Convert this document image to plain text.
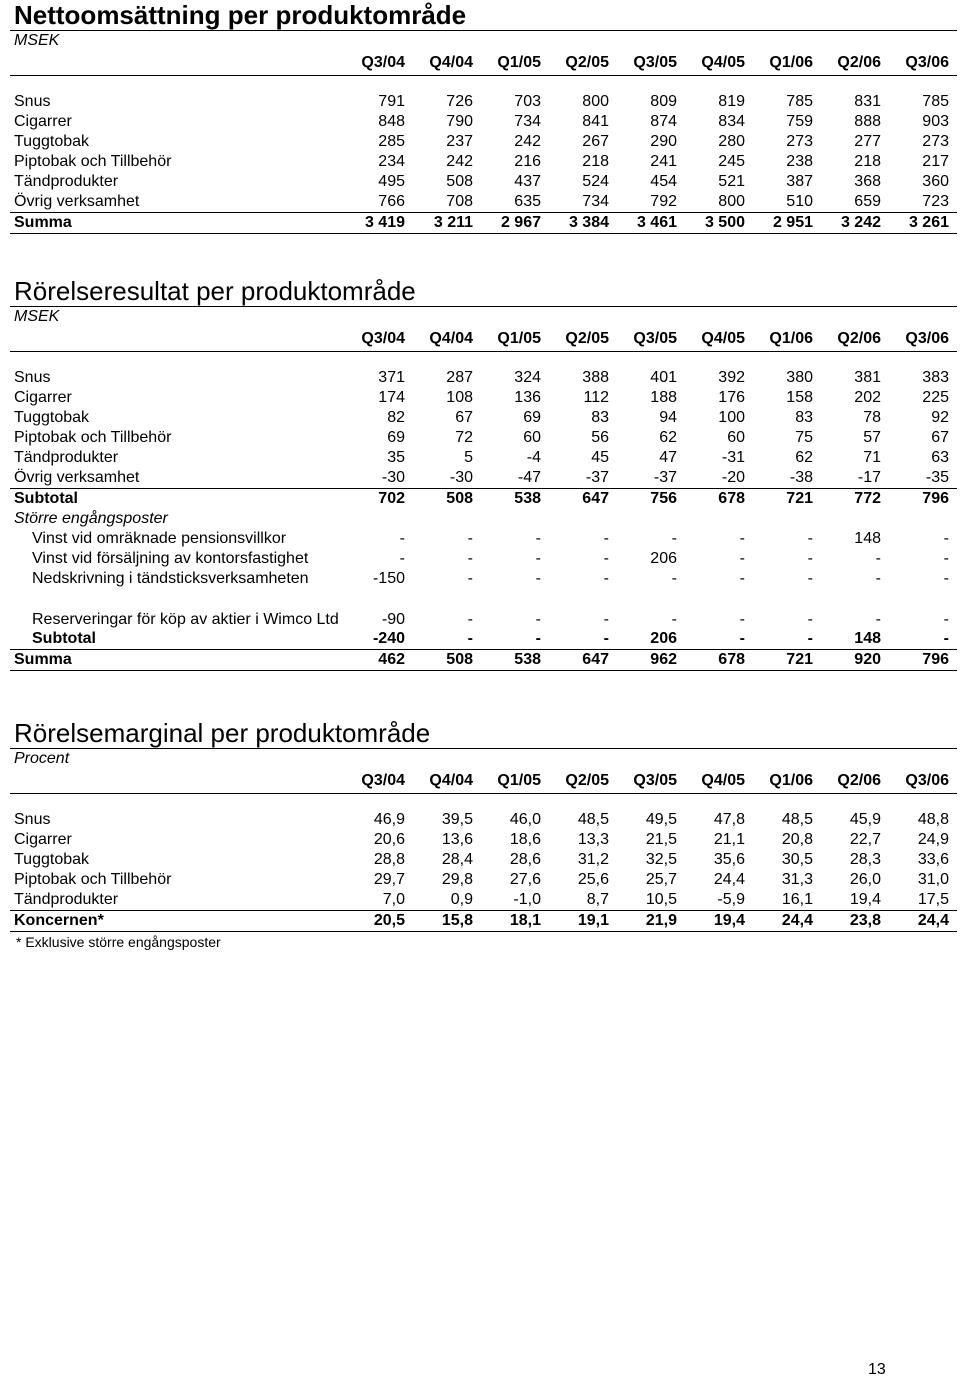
Nettoomsättning per produktområde
MSEK
	Q3/04	Q4/04	Q1/05	Q2/05	Q3/05	Q4/05	Q1/06	Q2/06	Q3/06

Snus	791	726	703	800	809	819	785	831	785
Cigarrer	848	790	734	841	874	834	759	888	903
Tuggtobak	285	237	242	267	290	280	273	277	273
Piptobak och Tillbehör	234	242	216	218	241	245	238	218	217
Tändprodukter	495	508	437	524	454	521	387	368	360
Övrig verksamhet	766	708	635	734	792	800	510	659	723
Summa	3 419	3 211	2 967	3 384	3 461	3 500	2 951	3 242	3 261
Rörelseresultat per produktområde
MSEK
	Q3/04	Q4/04	Q1/05	Q2/05	Q3/05	Q4/05	Q1/06	Q2/06	Q3/06

Snus	371	287	324	388	401	392	380	381	383
Cigarrer	174	108	136	112	188	176	158	202	225
Tuggtobak	82	67	69	83	94	100	83	78	92
Piptobak och Tillbehör	69	72	60	56	62	60	75	57	67
Tändprodukter	35	5	-4	45	47	-31	62	71	63
Övrig verksamhet	-30	-30	-47	-37	-37	-20	-38	-17	-35
Subtotal	702	508	538	647	756	678	721	772	796
Större engångsposter									
Vinst vid omräknade pensionsvillkor	-	-	-	-	-	-	-	148	-
Vinst vid försäljning av kontorsfastighet	-	-	-	-	206	-	-	-	-
Nedskrivning i tändsticksverksamheten	-150	-	-	-	-	-	-	-	-
Reserveringar för köp av aktier i Wimco Ltd	-90	-	-	-	-	-	-	-	-
Subtotal	-240	-	-	-	206	-	-	148	-
Summa	462	508	538	647	962	678	721	920	796
Rörelsemarginal per produktområde
Procent
	Q3/04	Q4/04	Q1/05	Q2/05	Q3/05	Q4/05	Q1/06	Q2/06	Q3/06

Snus	46,9	39,5	46,0	48,5	49,5	47,8	48,5	45,9	48,8
Cigarrer	20,6	13,6	18,6	13,3	21,5	21,1	20,8	22,7	24,9
Tuggtobak	28,8	28,4	28,6	31,2	32,5	35,6	30,5	28,3	33,6
Piptobak och Tillbehör	29,7	29,8	27,6	25,6	25,7	24,4	31,3	26,0	31,0
Tändprodukter	7,0	0,9	-1,0	8,7	10,5	-5,9	16,1	19,4	17,5
Koncernen*	20,5	15,8	18,1	19,1	21,9	19,4	24,4	23,8	24,4
* Exklusive större engångsposter
13
